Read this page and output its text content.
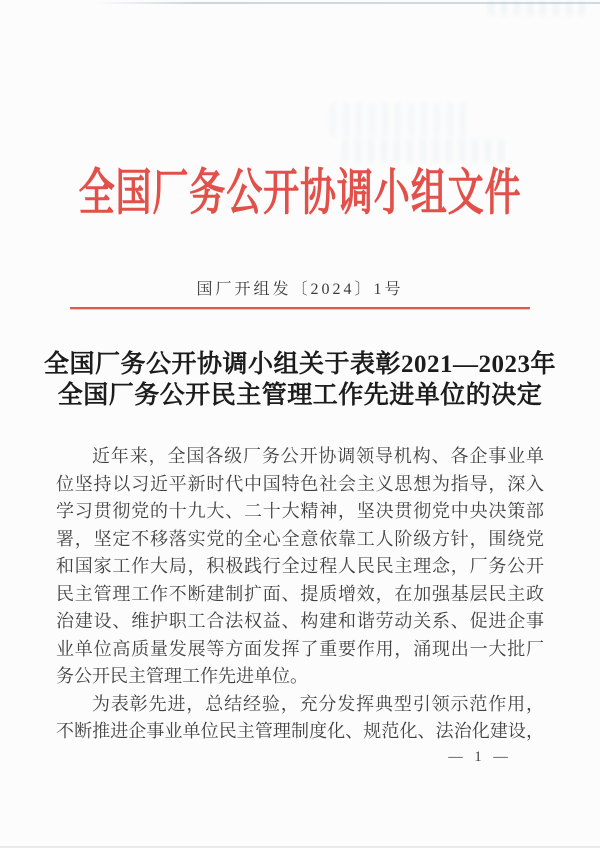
全国厂务公开协调小组文件
国厂开组发〔2024〕1号
全国厂务公开协调小组关于表彰2021—2023年
全国厂务公开民主管理工作先进单位的决定
近年来，全国各级厂务公开协调领导机构、各企事业单
位坚持以习近平新时代中国特色社会主义思想为指导，深入
学习贯彻党的十九大、二十大精神，坚决贯彻党中央决策部
署，坚定不移落实党的全心全意依靠工人阶级方针，围绕党
和国家工作大局，积极践行全过程人民民主理念，厂务公开
民主管理工作不断建制扩面、提质增效，在加强基层民主政
治建设、维护职工合法权益、构建和谐劳动关系、促进企事
业单位高质量发展等方面发挥了重要作用，涌现出一大批厂
务公开民主管理工作先进单位。
为表彰先进，总结经验，充分发挥典型引领示范作用，
不断推进企事业单位民主管理制度化、规范化、法治化建设，
— 1 —
